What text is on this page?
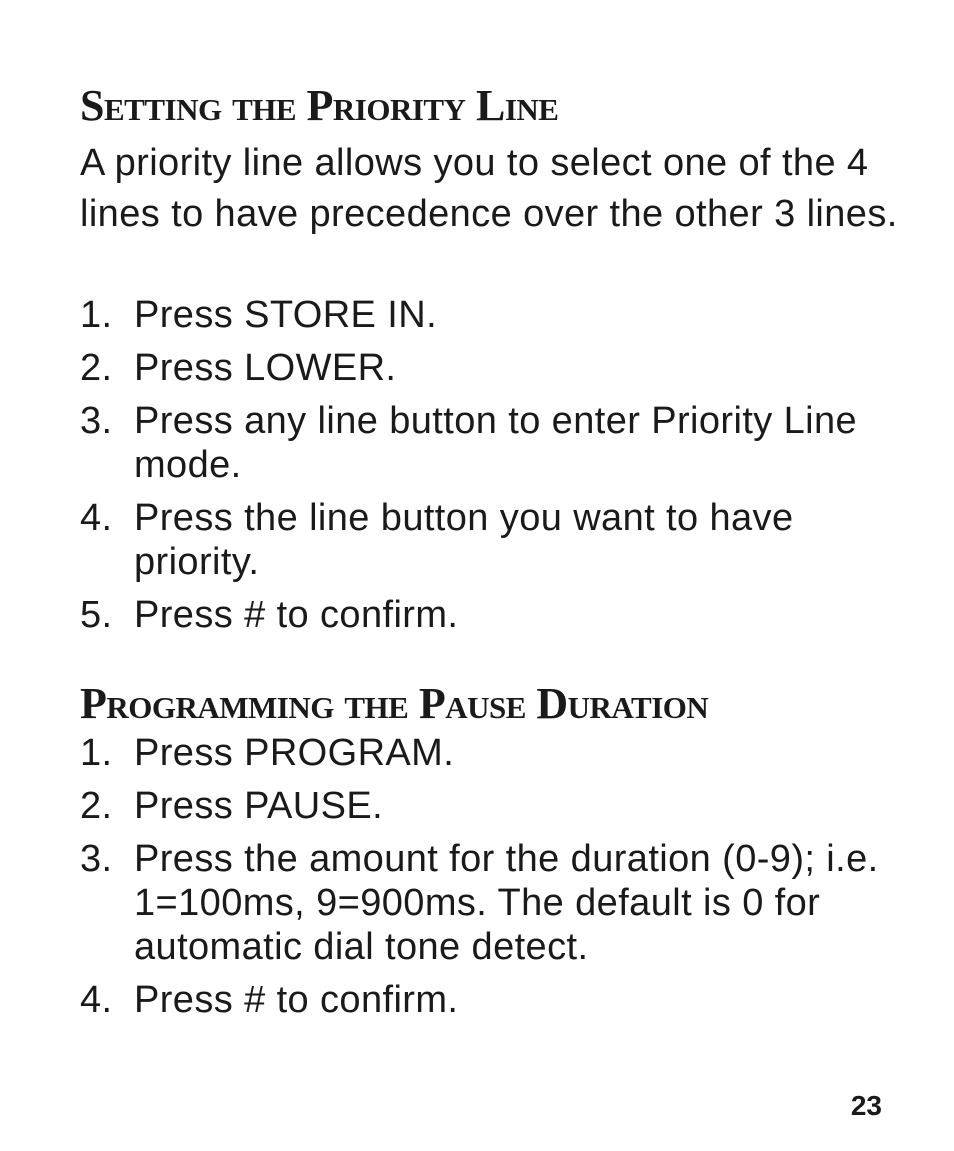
Setting the Priority Line

A priority line allows you to select one of the 4 lines to have precedence over the other 3 lines.

1. Press STORE IN.
2. Press LOWER.
3. Press any line button to enter Priority Line mode.
4. Press the line button you want to have priority.
5. Press # to confirm.
Programming the Pause Duration
1. Press PROGRAM.
2. Press PAUSE.
3. Press the amount for the duration (0-9); i.e. 1=100ms, 9=900ms. The default is 0 for automatic dial tone detect.
4. Press # to confirm.
23
